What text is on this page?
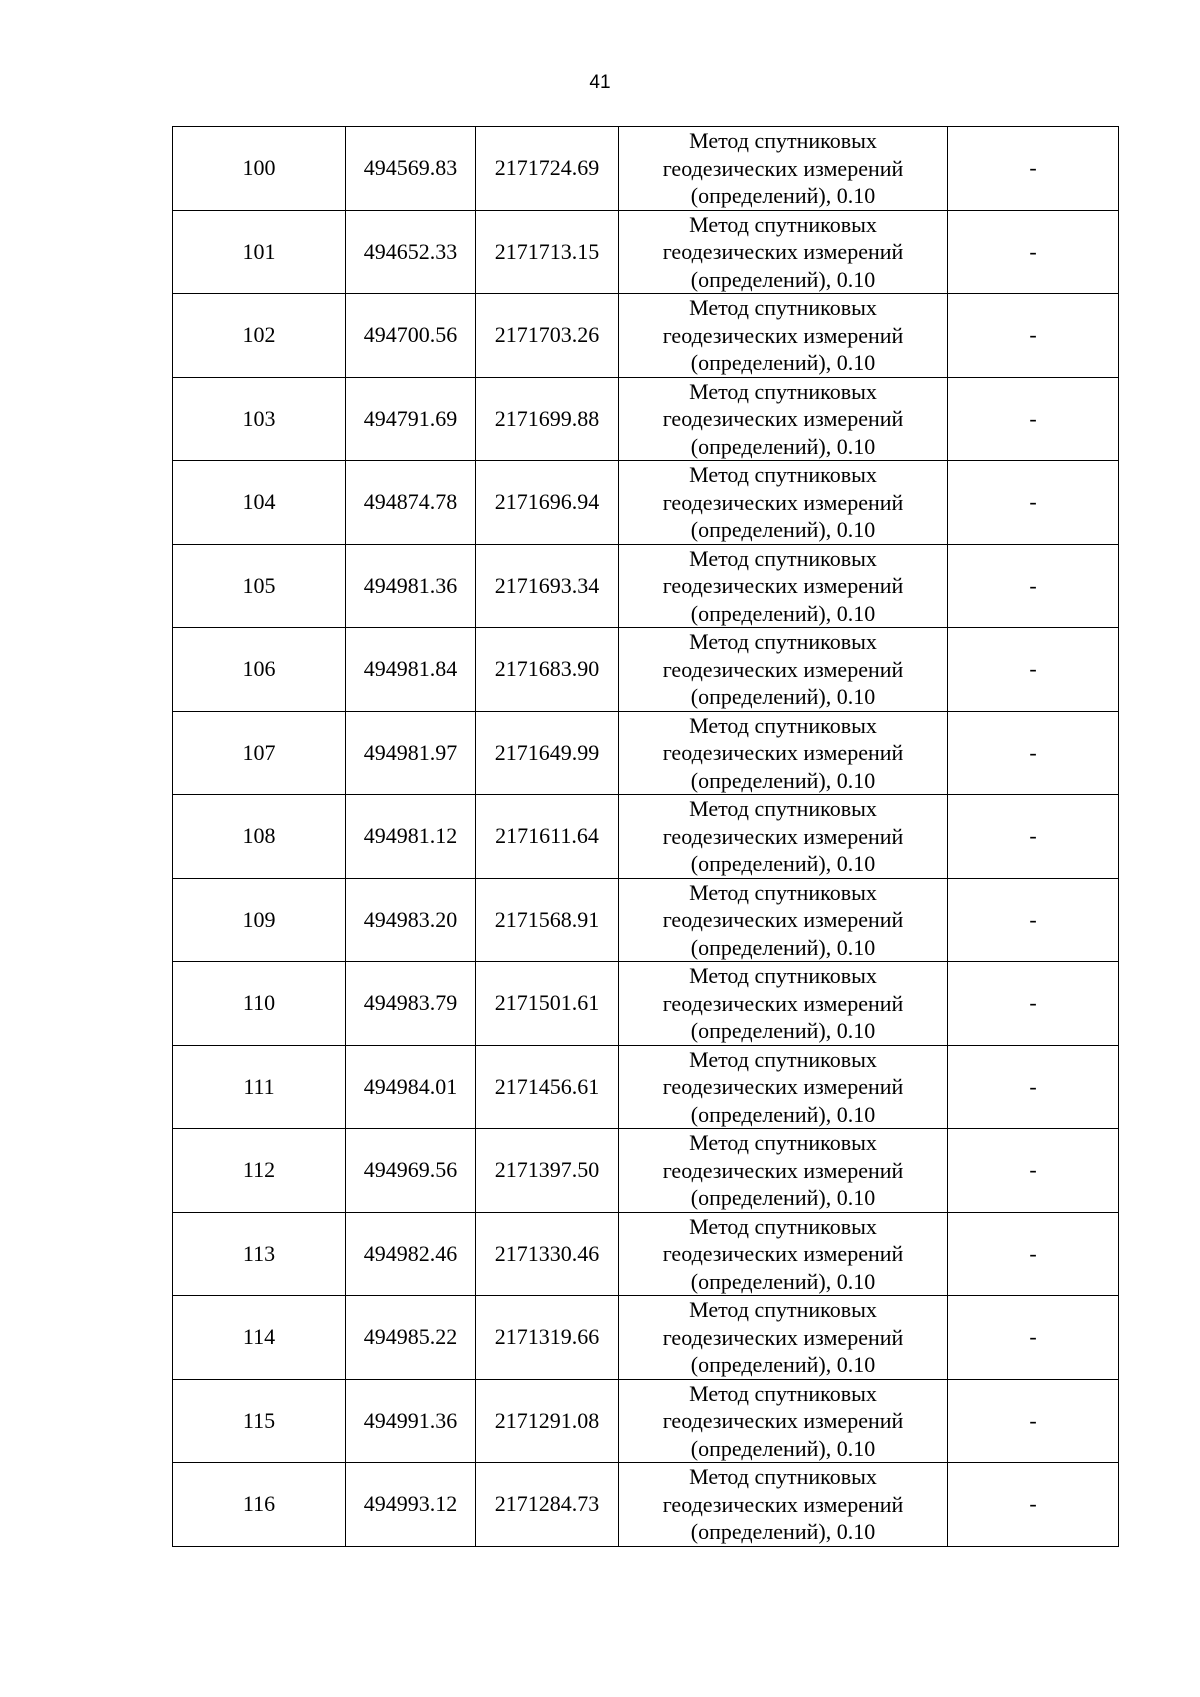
41
100	494569.83	2171724.69	Метод спутниковых
геодезических измерений
(определений), 0.10	-
101	494652.33	2171713.15	Метод спутниковых
геодезических измерений
(определений), 0.10	-
102	494700.56	2171703.26	Метод спутниковых
геодезических измерений
(определений), 0.10	-
103	494791.69	2171699.88	Метод спутниковых
геодезических измерений
(определений), 0.10	-
104	494874.78	2171696.94	Метод спутниковых
геодезических измерений
(определений), 0.10	-
105	494981.36	2171693.34	Метод спутниковых
геодезических измерений
(определений), 0.10	-
106	494981.84	2171683.90	Метод спутниковых
геодезических измерений
(определений), 0.10	-
107	494981.97	2171649.99	Метод спутниковых
геодезических измерений
(определений), 0.10	-
108	494981.12	2171611.64	Метод спутниковых
геодезических измерений
(определений), 0.10	-
109	494983.20	2171568.91	Метод спутниковых
геодезических измерений
(определений), 0.10	-
110	494983.79	2171501.61	Метод спутниковых
геодезических измерений
(определений), 0.10	-
111	494984.01	2171456.61	Метод спутниковых
геодезических измерений
(определений), 0.10	-
112	494969.56	2171397.50	Метод спутниковых
геодезических измерений
(определений), 0.10	-
113	494982.46	2171330.46	Метод спутниковых
геодезических измерений
(определений), 0.10	-
114	494985.22	2171319.66	Метод спутниковых
геодезических измерений
(определений), 0.10	-
115	494991.36	2171291.08	Метод спутниковых
геодезических измерений
(определений), 0.10	-
116	494993.12	2171284.73	Метод спутниковых
геодезических измерений
(определений), 0.10	-
